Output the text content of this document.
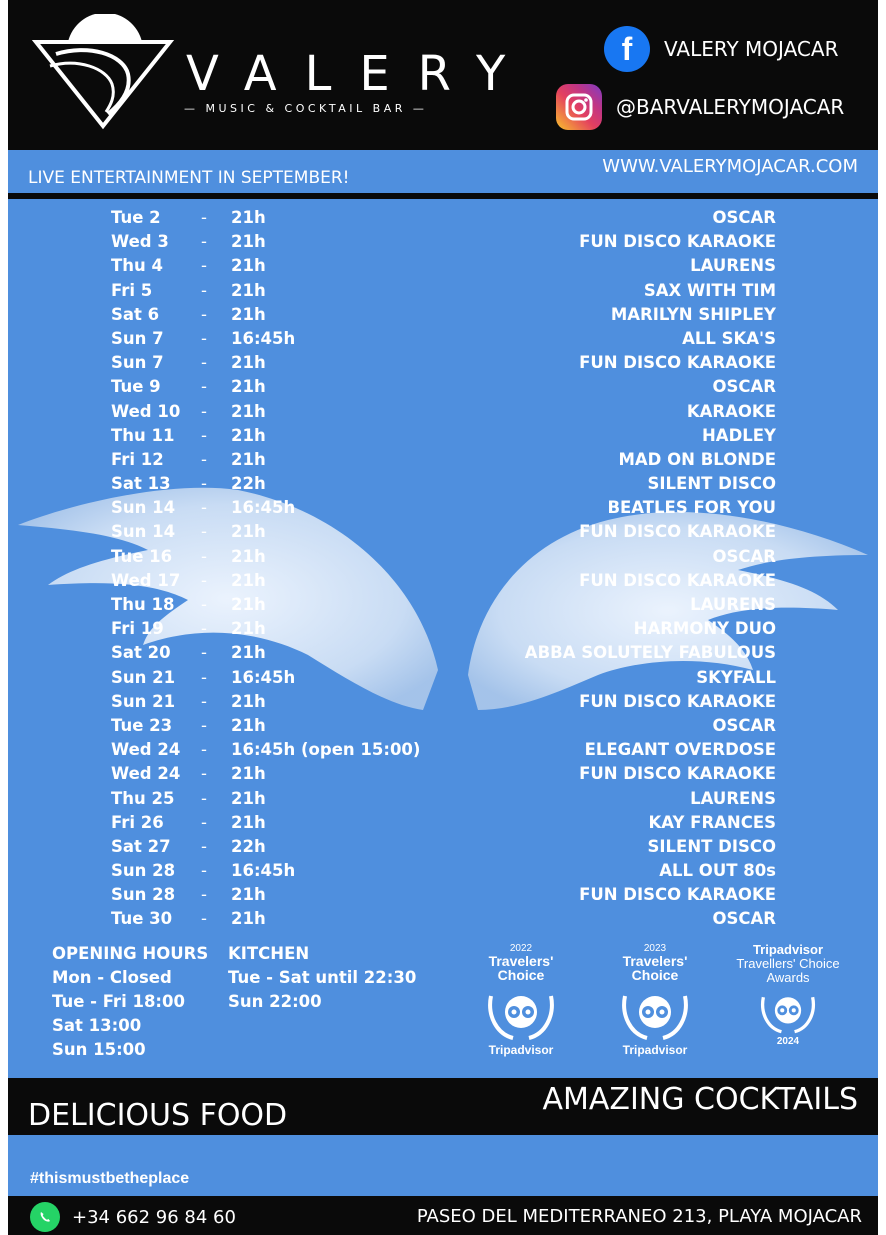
VALERY
— MUSIC & COCKTAIL BAR —
f	VALERY MOJACAR
@BARVALERYMOJACAR
LIVE ENTERTAINMENT IN SEPTEMBER!
WWW.VALERYMOJACAR.COM
Tue 2 - 21h	OSCAR
Wed 3 - 21h	FUN DISCO KARAOKE
Thu 4 - 21h	LAURENS
Fri 5	- 21h	SAX WITH TIM
Sat 6	- 21h	MARILYN SHIPLEY
Sun 7 - 16:45h	ALL SKA'S
Sun 7 - 21h	FUN DISCO KARAOKE
Tue 9 - 21h	OSCAR
Wed 10 - 21h	KARAOKE
Thu 11 - 21h	HADLEY
Fri 12 - 21h	MAD ON BLONDE
Sat 13 - 22h	SILENT DISCO
Sun 14 - 16:45h	BEATLES FOR YOU
Sun 14 - 21h	FUN DISCO KARAOKE
Tue 16 - 21h	OSCAR
Wed 17 - 21h	FUN DISCO KARAOKE
Thu 18 - 21h	LAURENS
Fri 19 - 21h	HARMONY DUO
Sat 20 - 21h	ABBA SOLUTELY FABULOUS
Sun 21 - 16:45h	SKYFALL
Sun 21 - 21h	FUN DISCO KARAOKE
Tue 23 - 21h	OSCAR
Wed 24 - 16:45h (open 15:00)	ELEGANT OVERDOSE
Wed 24 - 21h	FUN DISCO KARAOKE
Thu 25 - 21h	LAURENS
Fri 26 - 21h	KAY FRANCES
Sat 27 - 22h	SILENT DISCO
Sun 28 - 16:45h	ALL OUT 80s
Sun 28 - 21h	FUN DISCO KARAOKE
Tue 30 - 21h	OSCAR
OPENING HOURS
Mon - Closed
Tue - Fri 18:00
Sat 13:00
Sun 15:00
KITCHEN
Tue - Sat until 22:30
Sun 22:00
2022
Travelers' Choice
Tripadvisor
2023
Travelers' Choice
Tripadvisor
Tripadvisor
Travellers' Choice Awards
2024
DELICIOUS FOOD	AMAZING COCKTAILS
#thismustbetheplace
+34 662 96 84 60	PASEO DEL MEDITERRANEO 213, PLAYA MOJACAR
